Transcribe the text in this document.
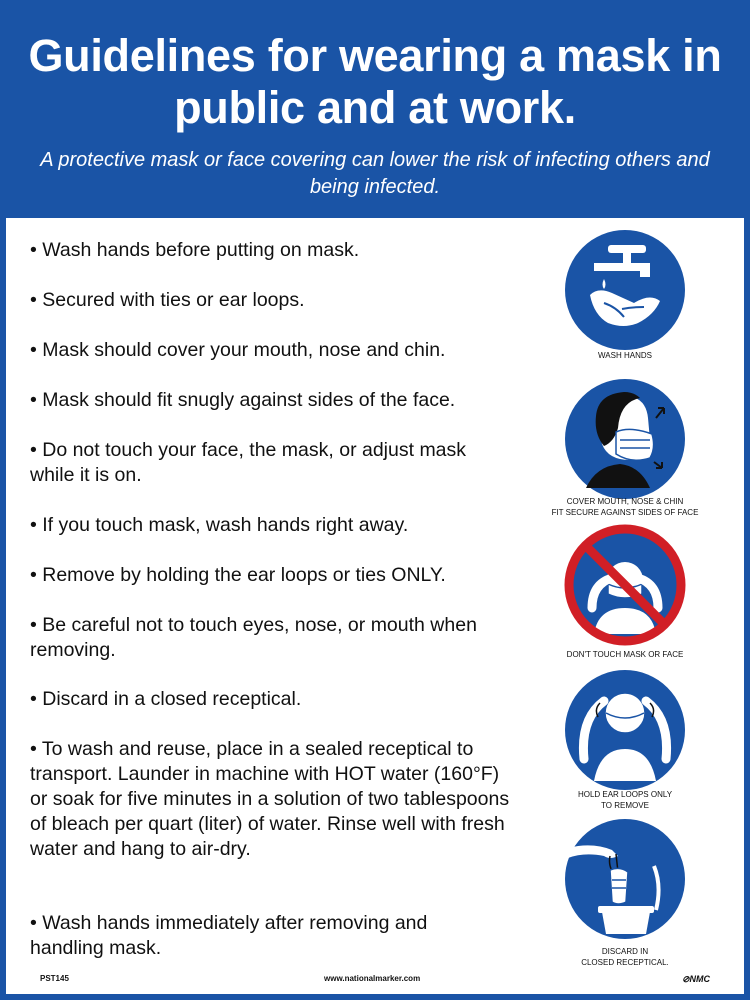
Guidelines for wearing a mask in public and at work.

A protective mask or face covering can lower the risk of infecting others and being infected.

• Wash hands before putting on mask.
• Secured with ties or ear loops.
• Mask should cover your mouth, nose and chin.
• Mask should fit snugly against sides of the face.
• Do not touch your face, the mask, or adjust mask while it is on.
• If you touch mask, wash hands right away.
• Remove by holding the ear loops or ties ONLY.
• Be careful not to touch eyes, nose, or mouth when removing.
• Discard in a closed receptical.
• To wash and reuse, place in a sealed receptical to transport. Launder in machine with HOT water (160°F) or soak for five minutes in a solution of two tablespoons of bleach per quart (liter) of water. Rinse well with fresh water and hang to air-dry.
• Wash hands immediately after removing and handling mask.
WASH HANDS
COVER MOUTH, NOSE & CHIN
FIT SECURE AGAINST SIDES OF FACE
DON'T TOUCH MASK OR FACE
HOLD EAR LOOPS ONLY
TO REMOVE
DISCARD IN
CLOSED RECEPTICAL.
PST145	www.nationalmarker.com	⊘NMC
